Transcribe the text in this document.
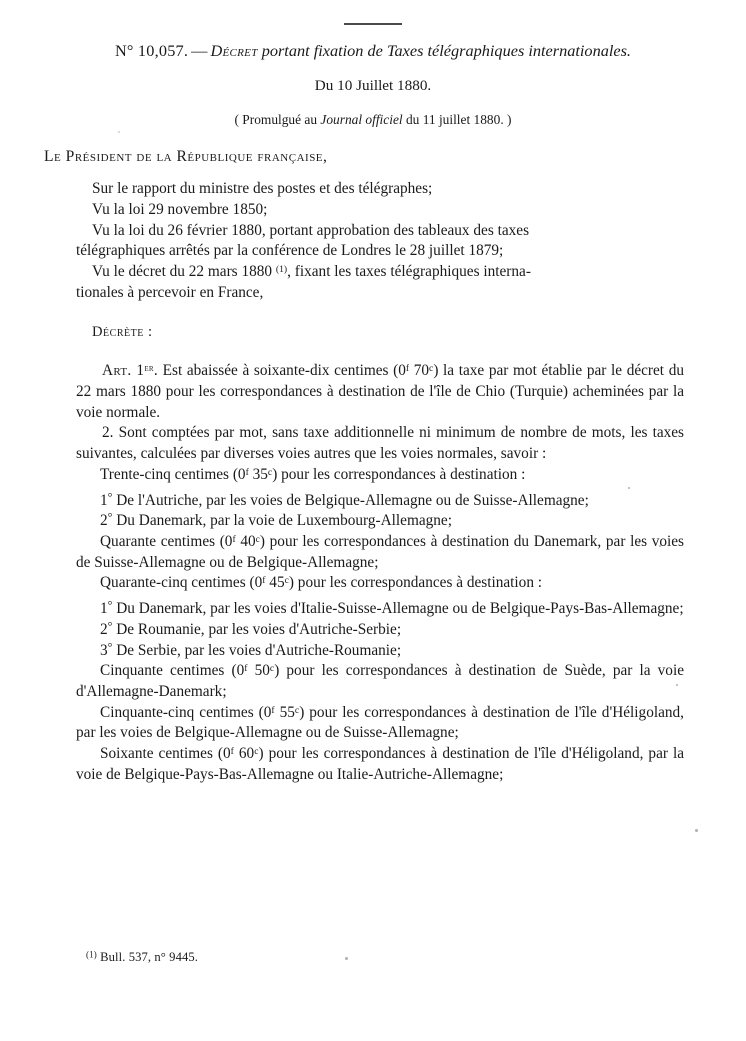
N° 10,057. — Décret portant fixation de Taxes télégraphiques internationales.
Du 10 Juillet 1880.
( Promulgué au Journal officiel du 11 juillet 1880. )
Le Président de la République française,

Sur le rapport du ministre des postes et des télégraphes;

Vu la loi 29 novembre 1850;

Vu la loi du 26 février 1880, portant approbation des tableaux des taxes

télégraphiques arrêtés par la conférence de Londres le 28 juillet 1879;

Vu le décret du 22 mars 1880 $^{(1)}$, fixant les taxes télégraphiques interna-

tionales à percevoir en France,

Décrète :

Art. 1er. Est abaissée à soixante-dix centimes (0$^f$ 70$^c$) la taxe par mot établie par le décret du 22 mars 1880 pour les correspondances à destination de l'île de Chio (Turquie) acheminées par la voie normale.

2. Sont comptées par mot, sans taxe additionnelle ni minimum de nombre de mots, les taxes suivantes, calculées par diverses voies autres que les voies normales, savoir :

Trente-cinq centimes (0$^f$ 35$^c$) pour les correspondances à destination :

1° De l'Autriche, par les voies de Belgique-Allemagne ou de Suisse-Allemagne;

2° Du Danemark, par la voie de Luxembourg-Allemagne;

Quarante centimes (0$^f$ 40$^c$) pour les correspondances à destination du Danemark, par les voies de Suisse-Allemagne ou de Belgique-Allemagne;

Quarante-cinq centimes (0$^f$ 45$^c$) pour les correspondances à destination :

1° Du Danemark, par les voies d'Italie-Suisse-Allemagne ou de Belgique-Pays-Bas-Allemagne;

2° De Roumanie, par les voies d'Autriche-Serbie;

3° De Serbie, par les voies d'Autriche-Roumanie;

Cinquante centimes (0$^f$ 50$^c$) pour les correspondances à destination de Suède, par la voie d'Allemagne-Danemark;

Cinquante-cinq centimes (0$^f$ 55$^c$) pour les correspondances à destination de l'île d'Héligoland, par les voies de Belgique-Allemagne ou de Suisse-Allemagne;

Soixante centimes (0$^f$ 60$^c$) pour les correspondances à destination de l'île d'Héligoland, par la voie de Belgique-Pays-Bas-Allemagne ou Italie-Autriche-Allemagne;

$^{(1)}$ Bull. 537, n° 9445.
